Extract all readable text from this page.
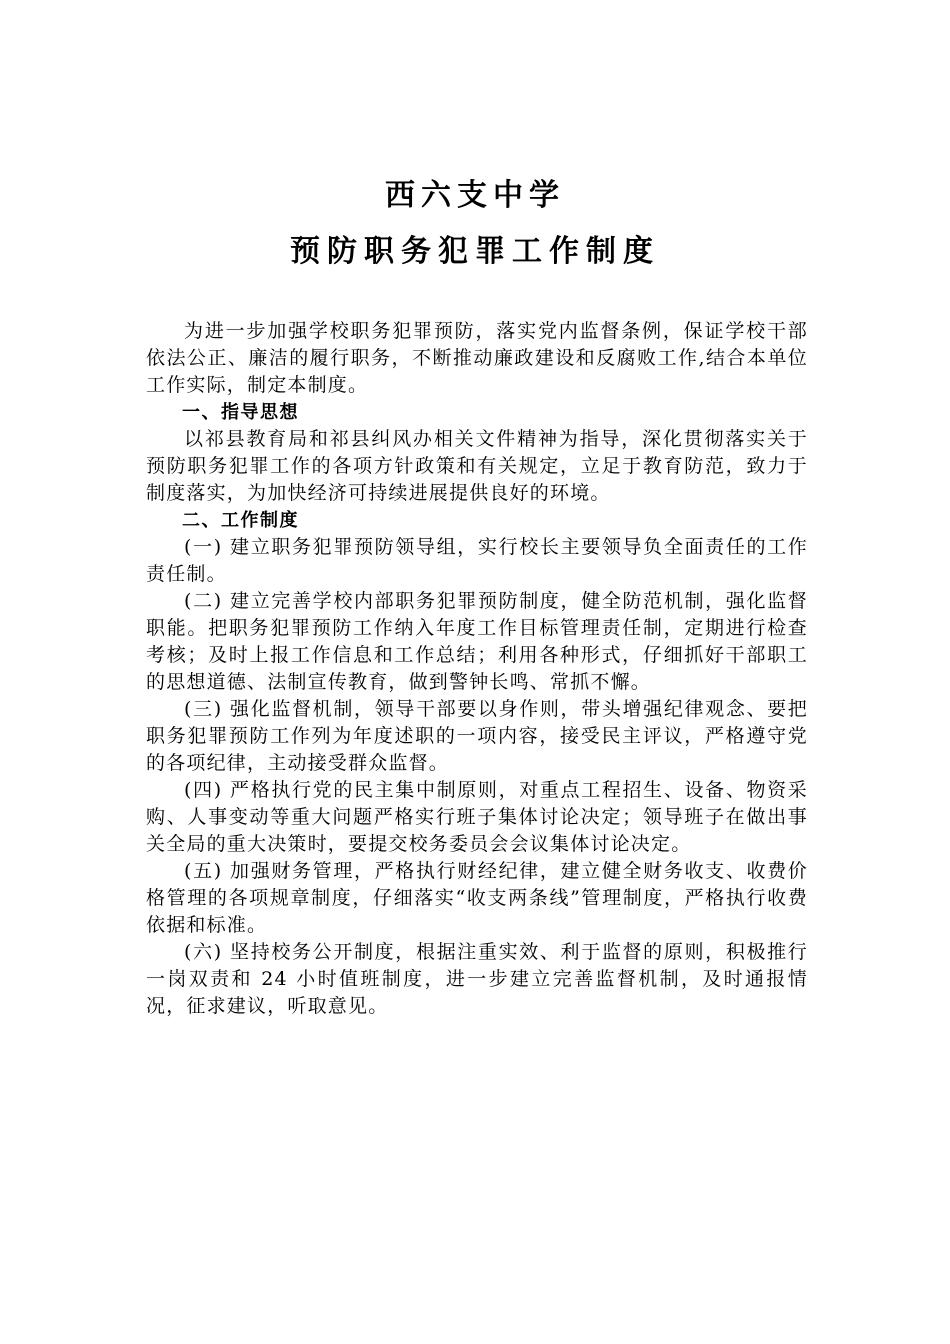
西六支中学

预防职务犯罪工作制度

为进一步加强学校职务犯罪预防，落实党内监督条例，保证学校干部依法公正、廉洁的履行职务，不断推动廉政建设和反腐败工作,结合本单位工作实际，制定本制度。

一、指导思想

以祁县教育局和祁县纠风办相关文件精神为指导，深化贯彻落实关于预防职务犯罪工作的各项方针政策和有关规定，立足于教育防范，致力于制度落实，为加快经济可持续进展提供良好的环境。

二、工作制度

(一) 建立职务犯罪预防领导组，实行校长主要领导负全面责任的工作责任制。

(二) 建立完善学校内部职务犯罪预防制度，健全防范机制，强化监督职能。把职务犯罪预防工作纳入年度工作目标管理责任制，定期进行检查考核；及时上报工作信息和工作总结；利用各种形式，仔细抓好干部职工的思想道德、法制宣传教育，做到警钟长鸣、常抓不懈。

(三) 强化监督机制，领导干部要以身作则，带头增强纪律观念、要把职务犯罪预防工作列为年度述职的一项内容，接受民主评议，严格遵守党的各项纪律，主动接受群众监督。

(四) 严格执行党的民主集中制原则，对重点工程招生、设备、物资采购、人事变动等重大问题严格实行班子集体讨论决定；领导班子在做出事关全局的重大决策时，要提交校务委员会会议集体讨论决定。

(五) 加强财务管理，严格执行财经纪律，建立健全财务收支、收费价格管理的各项规章制度，仔细落实“收支两条线”管理制度，严格执行收费依据和标准。

(六) 坚持校务公开制度，根据注重实效、利于监督的原则，积极推行一岗双责和 24 小时值班制度，进一步建立完善监督机制，及时通报情况，征求建议，听取意见。
